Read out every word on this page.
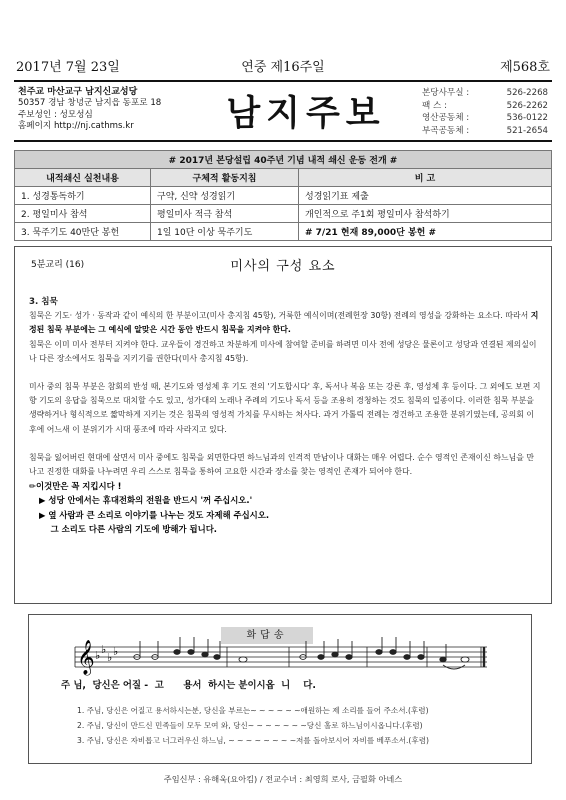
2017년 7월 23일	연중 제16주일	제568호
천주교 마산교구 남지신교성당
50357 경남 창녕군 남지읍 동포로 18
주보성인 : 성모성심
홈페이지 http://nj.cathms.kr	남지주보
본당사무실 :	526-2268
팩 스 :	526-2262
영산공동체 :	536-0122
부곡공동체 :	521-2654
# 2017년 본당설립 40주년 기념 내적 쇄신 운동 전개 #		
내적쇄신 실천내용	구체적 활동지침	비 고
1. 성경통독하기	구약, 신약 성경읽기	성경읽기표 제출
2. 평일미사 참석	평일미사 적극 참석	개인적으로 주1회 평일미사 참석하기
3. 묵주기도 40만단 봉헌	1일 10단 이상 묵주기도	# 7/21 현재 89,000단 봉헌 #
5분교리 (16)	미사의 구성 요소
3. 침묵

침묵은 기도· 성가 · 동작과 같이 예식의 한 부분이고(미사 총지침 45항), 거룩한 예식이며(전례헌장 30항) 전례의 영성을 강화하는 요소다. 따라서 지정된 침묵 부분에는 그 예식에 알맞은 시간 동안 반드시 침묵을 지켜야 한다.

침묵은 이미 미사 전부터 지켜야 한다. 교우들이 경건하고 차분하게 미사에 참여할 준비를 하려면 미사 전에 성당은 물론이고 성당과 연결된 제의실이나 다른 장소에서도 침묵을 지키기를 권한다(미사 총지침 45항).

미사 중의 침묵 부분은 참회의 반성 때, 본기도와 영성체 후 기도 전의 '기도합시다' 후, 독서나 복음 또는 강론 후, 영성체 후 등이다. 그 외에도 보편 지향 기도의 응답을 침묵으로 대치할 수도 있고, 성가대의 노래나 주례의 기도나 독서 등을 조용히 경청하는 것도 침묵의 일종이다. 이러한 침묵 부분을 생략하거나 형식적으로 짧막하게 지키는 것은 침묵의 영성적 가치를 무시하는 처사다. 과거 가톨릭 전례는 경건하고 조용한 분위기였는데, 공의회 이후에 어느새 이 분위기가 시대 풍조에 따라 사라지고 있다.

침묵을 잃어버린 현대에 살면서 미사 중에도 침묵을 외면한다면 하느님과의 인격적 만남이나 대화는 매우 어렵다. 순수 영적인 존재이신 하느님을 만나고 진정한 대화를 나누려면 우리 스스로 침묵을 통하여 고요한 시간과 장소를 찾는 영적인 존재가 되어야 한다.

✏이것만은 꼭 지킵시다 !
▶ 성당 안에서는 휴대전화의 전원을 반드시 '꺼 주십시오.'
▶ 옆 사람과 큰 소리로 이야기를 나누는 것도 자제해 주십시오.
그 소리도 다른 사람의 기도에 방해가 됩니다.
화답송
𝄞 ♭ ♭
♭ ♭
주 님,  당신은 어질 -  고      용서  하시는 분이시옵  니    다.
1. 주님, 당신은 어질고 용서하시는분, 당신을 부르는~ ~ ~ ~ ~ ~애원하는 제 소리를 들어 주소서.(후렴)
2. 주님, 당신이 만드신 민족들이 모두 모여 와, 당신~ ~ ~ ~ ~ ~ ~당신 홀로 하느님이시옵니다.(후렴)
3. 주님, 당신은 자비롭고 너그러우신 하느님, ~ ~ ~ ~ ~ ~ ~ ~저를 돌아보시어 자비를 베푸소서.(후렴)
주임신부 : 유해욱(요아킴) / 전교수녀 : 최영희 로사, 금필화 아녜스
